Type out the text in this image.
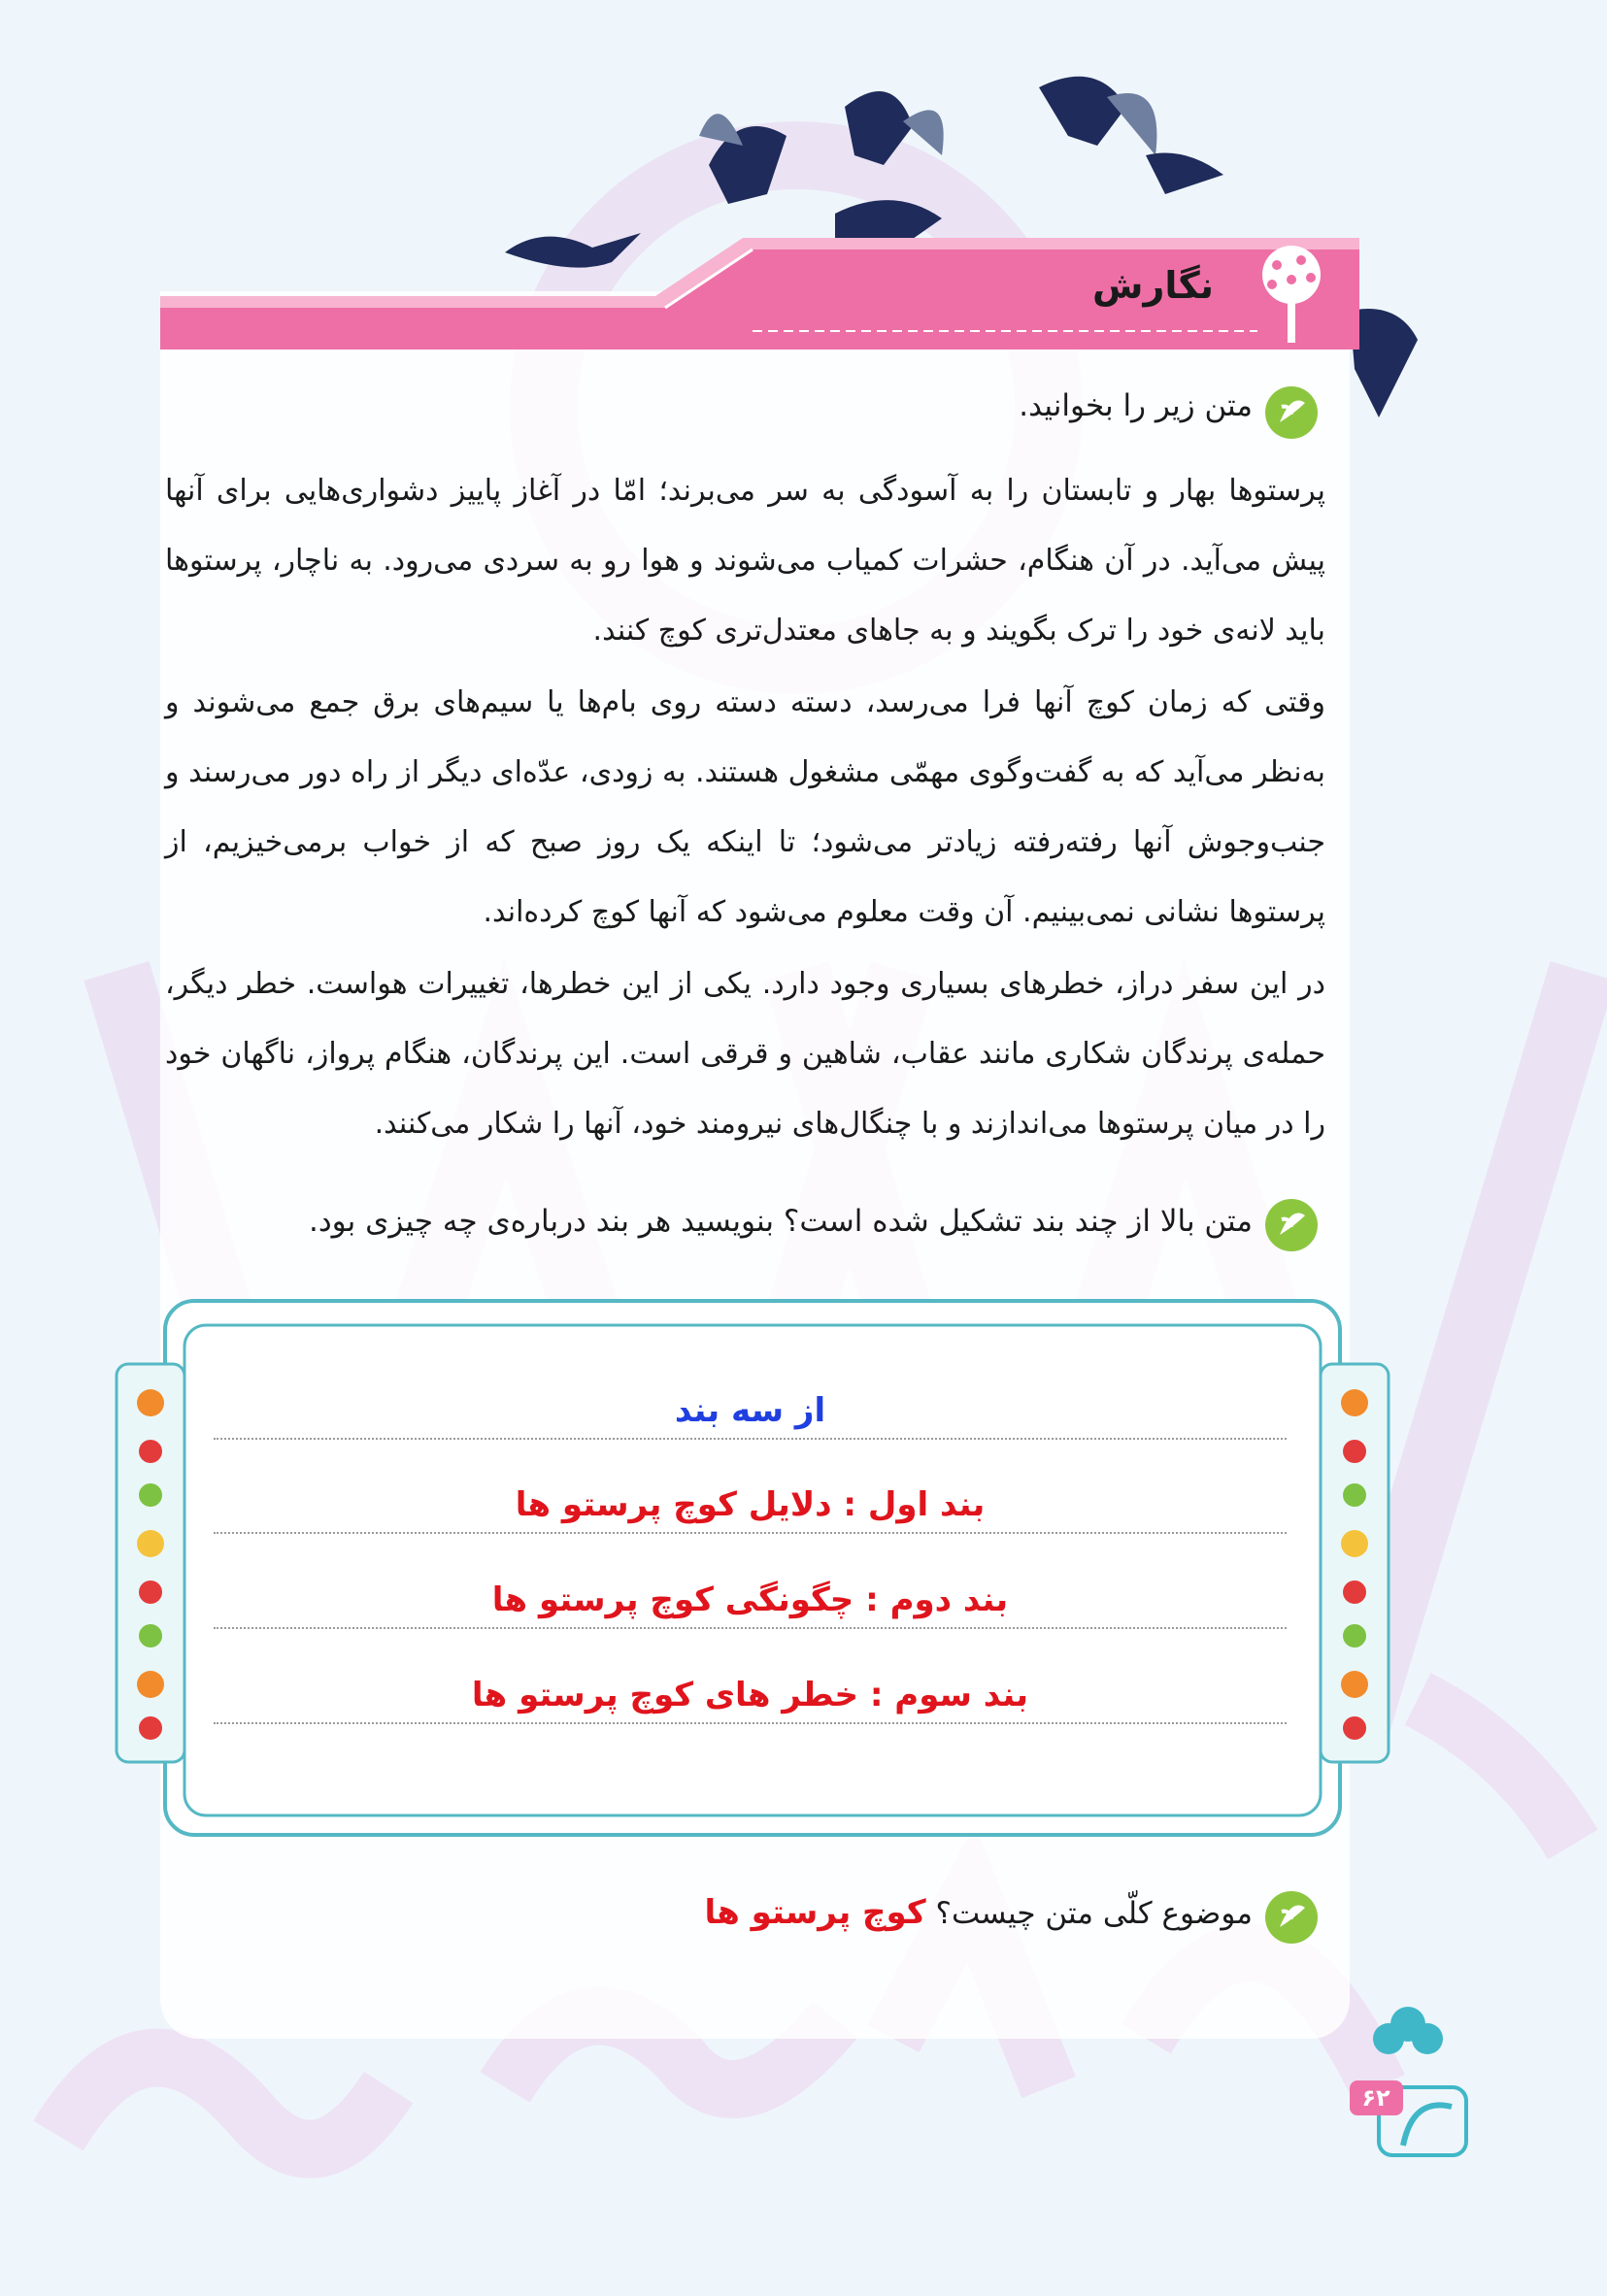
نگارش
متن زیر را بخوانید.

پرستوها بهار و تابستان را به آسودگی به سر می‌برند؛ امّا در آغاز پاییز دشواری‌هایی برای آنها پیش می‌آید. در آن هنگام، حشرات کمیاب می‌شوند و هوا رو به سردی می‌رود. به ناچار، پرستوها باید لانه‌ی خود را ترک بگویند و به جاهای معتدل‌تری کوچ کنند.

وقتی که زمان کوچ آنها فرا می‌رسد، دسته دسته روی بام‌ها یا سیم‌های برق جمع می‌شوند و به‌نظر می‌آید که به گفت‌وگوی مهمّی مشغول هستند. به زودی، عدّه‌ای دیگر از راه دور می‌رسند و جنب‌وجوش آنها رفته‌رفته زیادتر می‌شود؛ تا اینکه یک روز صبح که از خواب برمی‌خیزیم، از پرستوها نشانی نمی‌بینیم. آن وقت معلوم می‌شود که آنها کوچ کرده‌اند.

در این سفر دراز، خطرهای بسیاری وجود دارد. یکی از این خطرها، تغییرات هواست. خطر دیگر، حمله‌ی پرندگان شکاری مانند عقاب، شاهین و قرقی است. این پرندگان، هنگام پرواز، ناگهان خود را در میان پرستوها می‌اندازند و با چنگال‌های نیرومند خود، آنها را شکار می‌کنند.

متن بالا از چند بند تشکیل شده است؟ بنویسید هر بند درباره‌ی چه چیزی بود.
از سه بند
بند اول : دلایل کوچ پرستو ها
بند دوم : چگونگی کوچ پرستو ها
بند سوم : خطر های کوچ پرستو ها
موضوع کلّی متن چیست؟ کوچ پرستو ها
۶۲
